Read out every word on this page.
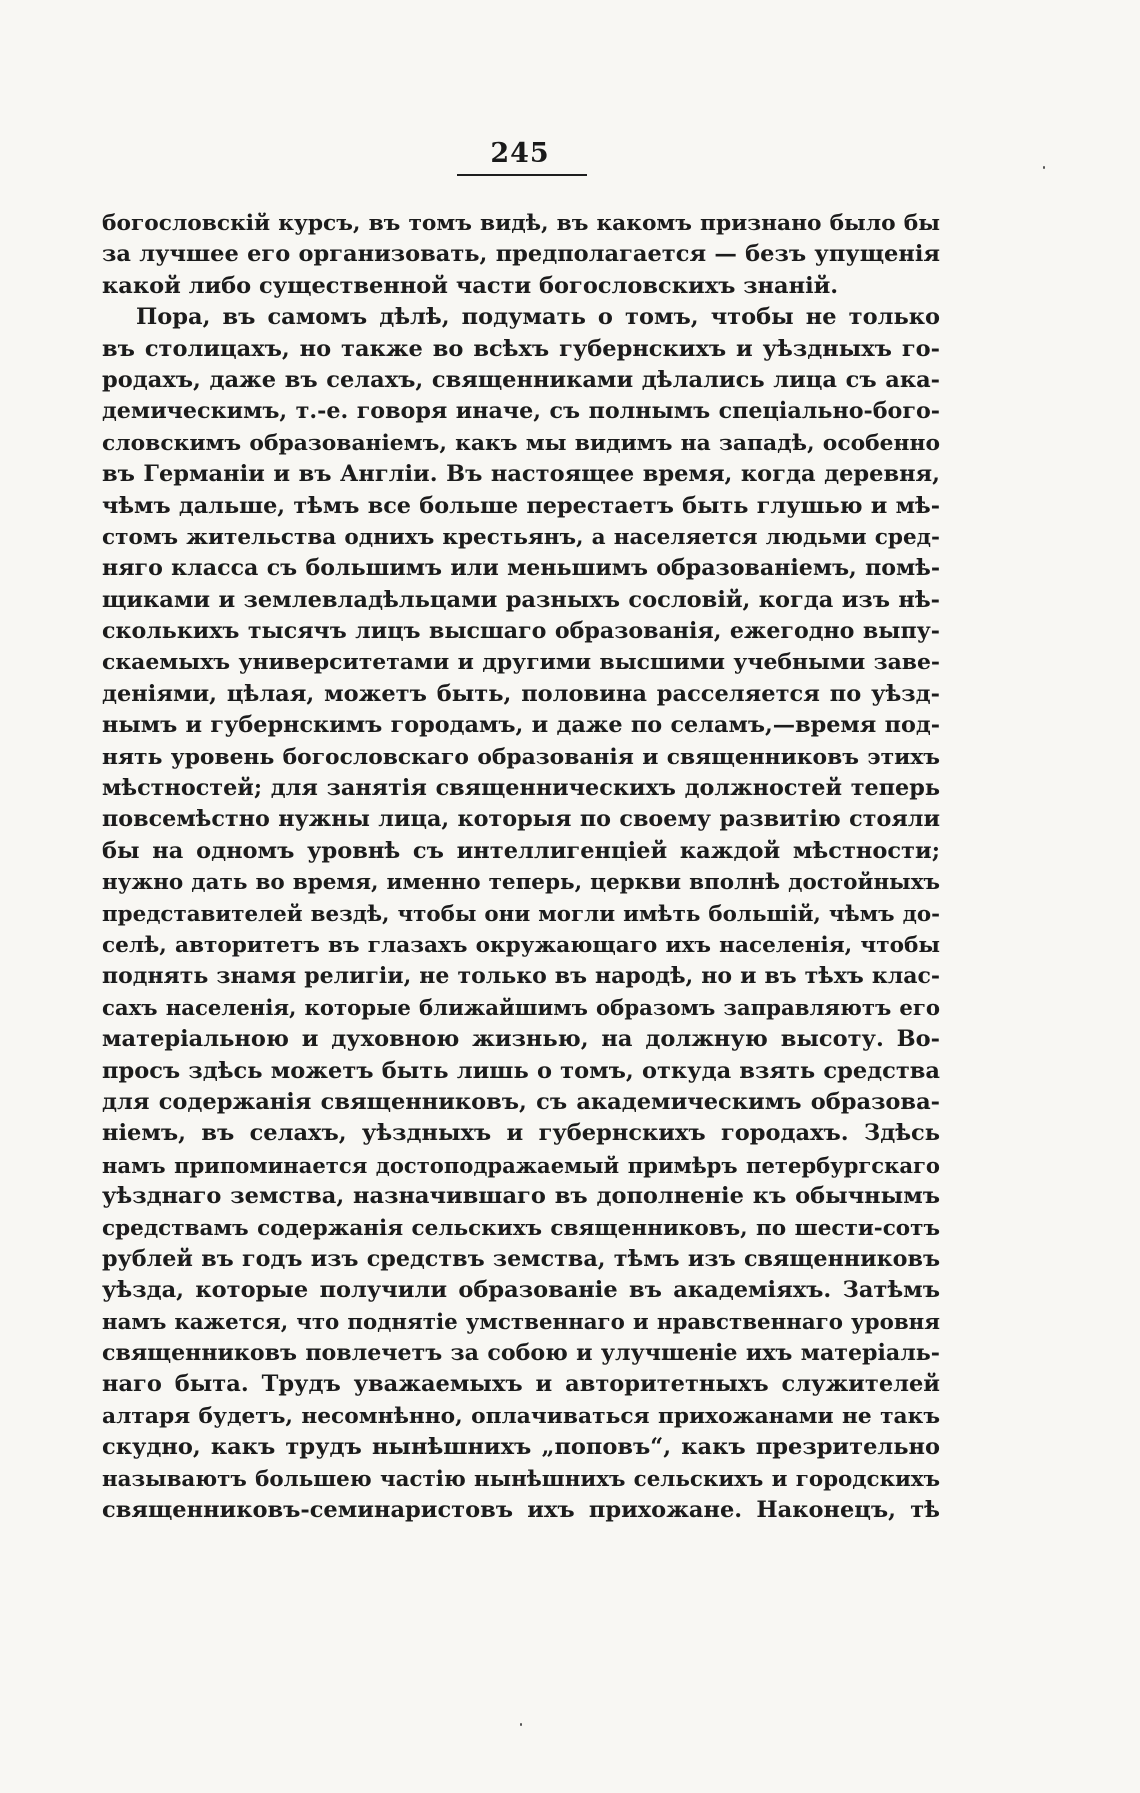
245
богословскій курсъ, въ томъ видѣ, въ какомъ признано было бы
за лучшее его организовать, предполагается — безъ упущенія
какой либо существенной части богословскихъ знаній.
Пора, въ самомъ дѣлѣ, подумать о томъ, чтобы не только
въ столицахъ, но также во всѣхъ губернскихъ и уѣздныхъ го-
родахъ, даже въ селахъ, священниками дѣлались лица съ ака-
демическимъ, т.-е. говоря иначе, съ полнымъ спеціально-бого-
словскимъ образованіемъ, какъ мы видимъ на западѣ, особенно
въ Германіи и въ Англіи. Въ настоящее время, когда деревня,
чѣмъ дальше, тѣмъ все больше перестаетъ быть глушью и мѣ-
стомъ жительства однихъ крестьянъ, а населяется людьми сред-
няго класса съ большимъ или меньшимъ образованіемъ, помѣ-
щиками и землевладѣльцами разныхъ сословій, когда изъ нѣ-
сколькихъ тысячъ лицъ высшаго образованія, ежегодно выпу-
скаемыхъ университетами и другими высшими учебными заве-
деніями, цѣлая, можетъ быть, половина расселяется по уѣзд-
нымъ и губернскимъ городамъ, и даже по селамъ,—время под-
нять уровень богословскаго образованія и священниковъ этихъ
мѣстностей; для занятія священническихъ должностей теперь
повсемѣстно нужны лица, которыя по своему развитію стояли
бы на одномъ уровнѣ съ интеллигенціей каждой мѣстности;
нужно дать во время, именно теперь, церкви вполнѣ достойныхъ
представителей вездѣ, чтобы они могли имѣть большій, чѣмъ до-
селѣ, авторитетъ въ глазахъ окружающаго ихъ населенія, чтобы
поднять знамя религіи, не только въ народѣ, но и въ тѣхъ клас-
сахъ населенія, которые ближайшимъ образомъ заправляютъ его
матеріальною и духовною жизнью, на должную высоту. Во-
просъ здѣсь можетъ быть лишь о томъ, откуда взять средства
для содержанія священниковъ, съ академическимъ образова-
ніемъ, въ селахъ, уѣздныхъ и губернскихъ городахъ. Здѣсь
намъ припоминается достоподражаемый примѣръ петербургскаго
уѣзднаго земства, назначившаго въ дополненіе къ обычнымъ
средствамъ содержанія сельскихъ священниковъ, по шести-сотъ
рублей въ годъ изъ средствъ земства, тѣмъ изъ священниковъ
уѣзда, которые получили образованіе въ академіяхъ. Затѣмъ
намъ кажется, что поднятіе умственнаго и нравственнаго уровня
священниковъ повлечетъ за собою и улучшеніе ихъ матеріаль-
наго быта. Трудъ уважаемыхъ и авторитетныхъ служителей
алтаря будетъ, несомнѣнно, оплачиваться прихожанами не такъ
скудно, какъ трудъ нынѣшнихъ „поповъ“, какъ презрительно
называютъ большею частію нынѣшнихъ сельскихъ и городскихъ
священниковъ-семинаристовъ ихъ прихожане. Наконецъ, тѣ
